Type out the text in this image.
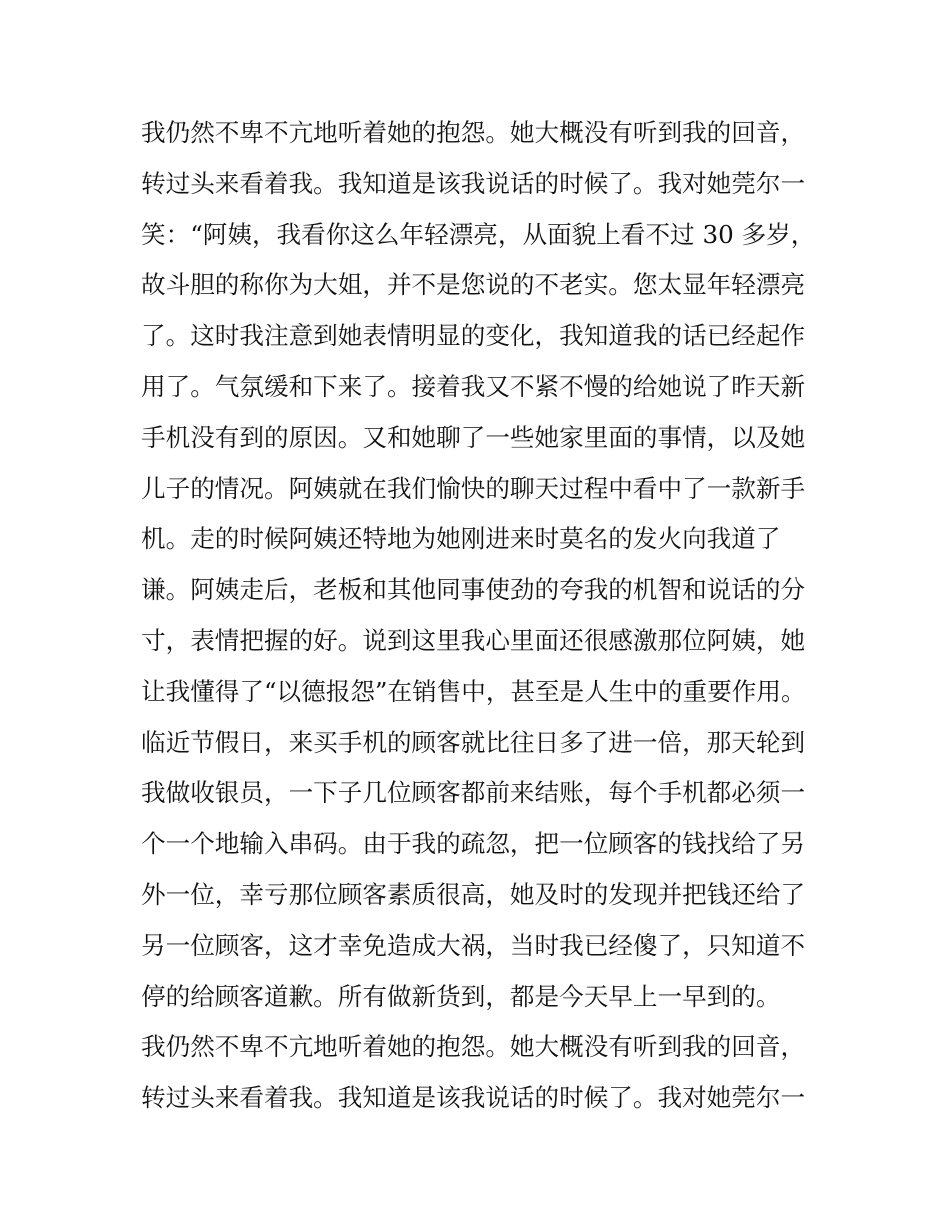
我仍然不卑不亢地听着她的抱怨。她大概没有听到我的回音，
转过头来看着我。我知道是该我说话的时候了。我对她莞尔一
笑：“阿姨，我看你这么年轻漂亮，从面貌上看不过 30 多岁，
故斗胆的称你为大姐，并不是您说的不老实。您太显年轻漂亮
了。这时我注意到她表情明显的变化，我知道我的话已经起作
用了。气氛缓和下来了。接着我又不紧不慢的给她说了昨天新
手机没有到的原因。又和她聊了一些她家里面的事情，以及她
儿子的情况。阿姨就在我们愉快的聊天过程中看中了一款新手
机。走的时候阿姨还特地为她刚进来时莫名的发火向我道了
谦。阿姨走后，老板和其他同事使劲的夸我的机智和说话的分
寸，表情把握的好。说到这里我心里面还很感激那位阿姨，她
让我懂得了“以德报怨”在销售中，甚至是人生中的重要作用。
临近节假日，来买手机的顾客就比往日多了进一倍，那天轮到
我做收银员，一下子几位顾客都前来结账，每个手机都必须一
个一个地输入串码。由于我的疏忽，把一位顾客的钱找给了另
外一位，幸亏那位顾客素质很高，她及时的发现并把钱还给了
另一位顾客，这才幸免造成大祸，当时我已经傻了，只知道不
停的给顾客道歉。所有做新货到，都是今天早上一早到的。
我仍然不卑不亢地听着她的抱怨。她大概没有听到我的回音，
转过头来看着我。我知道是该我说话的时候了。我对她莞尔一
